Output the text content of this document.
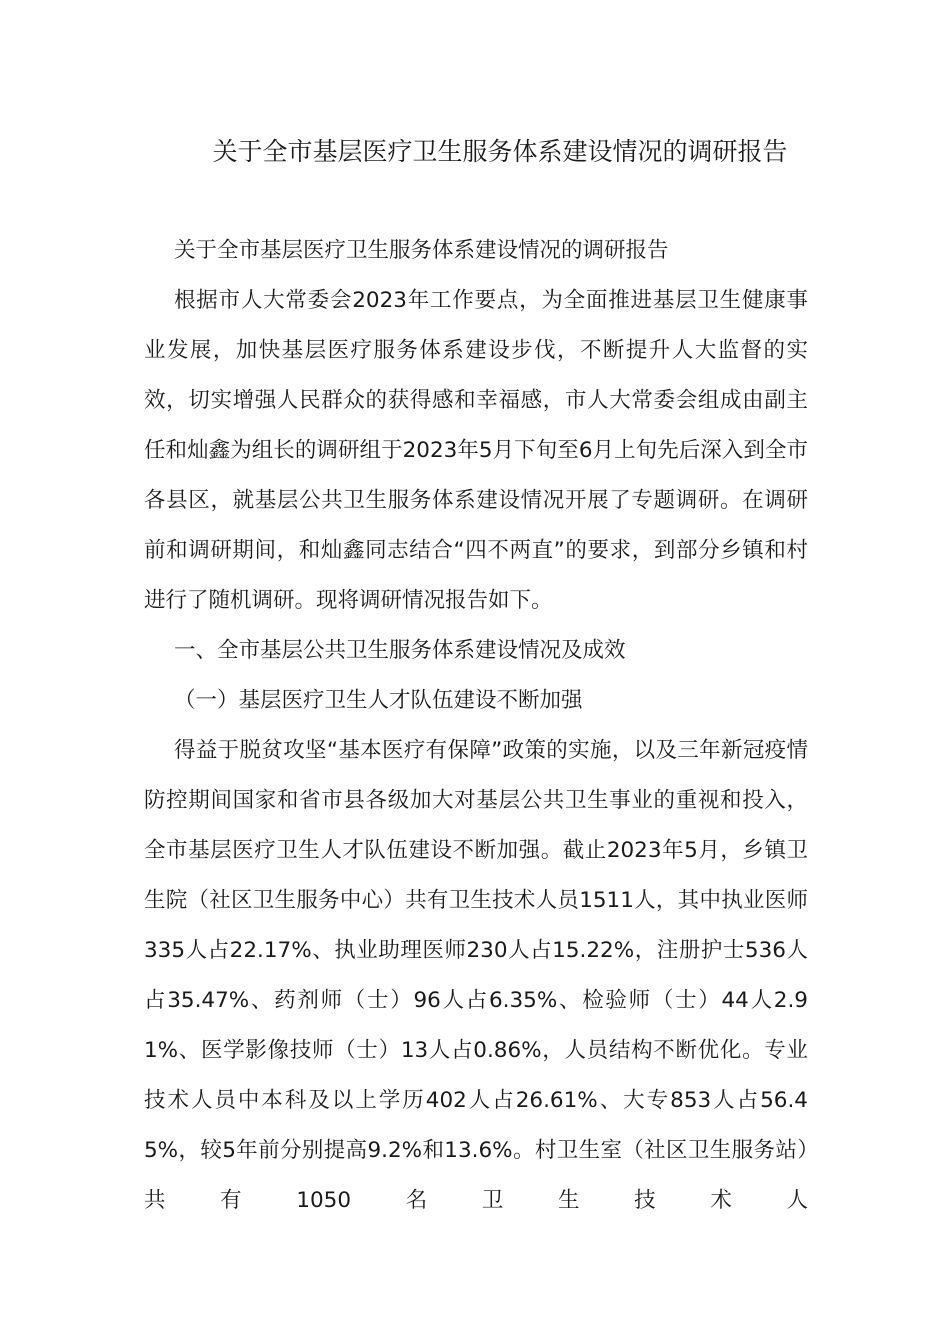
关于全市基层医疗卫生服务体系建设情况的调研报告

关于全市基层医疗卫生服务体系建设情况的调研报告

根据市人大常委会2023年工作要点，为全面推进基层卫生健康事业发展，加快基层医疗服务体系建设步伐，不断提升人大监督的实效，切实增强人民群众的获得感和幸福感，市人大常委会组成由副主任和灿鑫为组长的调研组于2023年5月下旬至6月上旬先后深入到全市各县区，就基层公共卫生服务体系建设情况开展了专题调研。在调研前和调研期间，和灿鑫同志结合“四不两直”的要求，到部分乡镇和村进行了随机调研。现将调研情况报告如下。

一、全市基层公共卫生服务体系建设情况及成效

（一）基层医疗卫生人才队伍建设不断加强

得益于脱贫攻坚“基本医疗有保障”政策的实施，以及三年新冠疫情防控期间国家和省市县各级加大对基层公共卫生事业的重视和投入，全市基层医疗卫生人才队伍建设不断加强。截止2023年5月，乡镇卫生院（社区卫生服务中心）共有卫生技术人员1511人，其中执业医师335人占22.17%、执业助理医师230人占15.22%，注册护士536人占35.47%、药剂师（士）96人占6.35%、检验师（士）44人2.91%、医学影像技师（士）13人占0.86%，人员结构不断优化。专业技术人员中本科及以上学历402人占26.61%、大专853人占56.45%，较5年前分别提高9.2%和13.6%。村卫生室（社区卫生服务站）共有1050名卫生技术人
